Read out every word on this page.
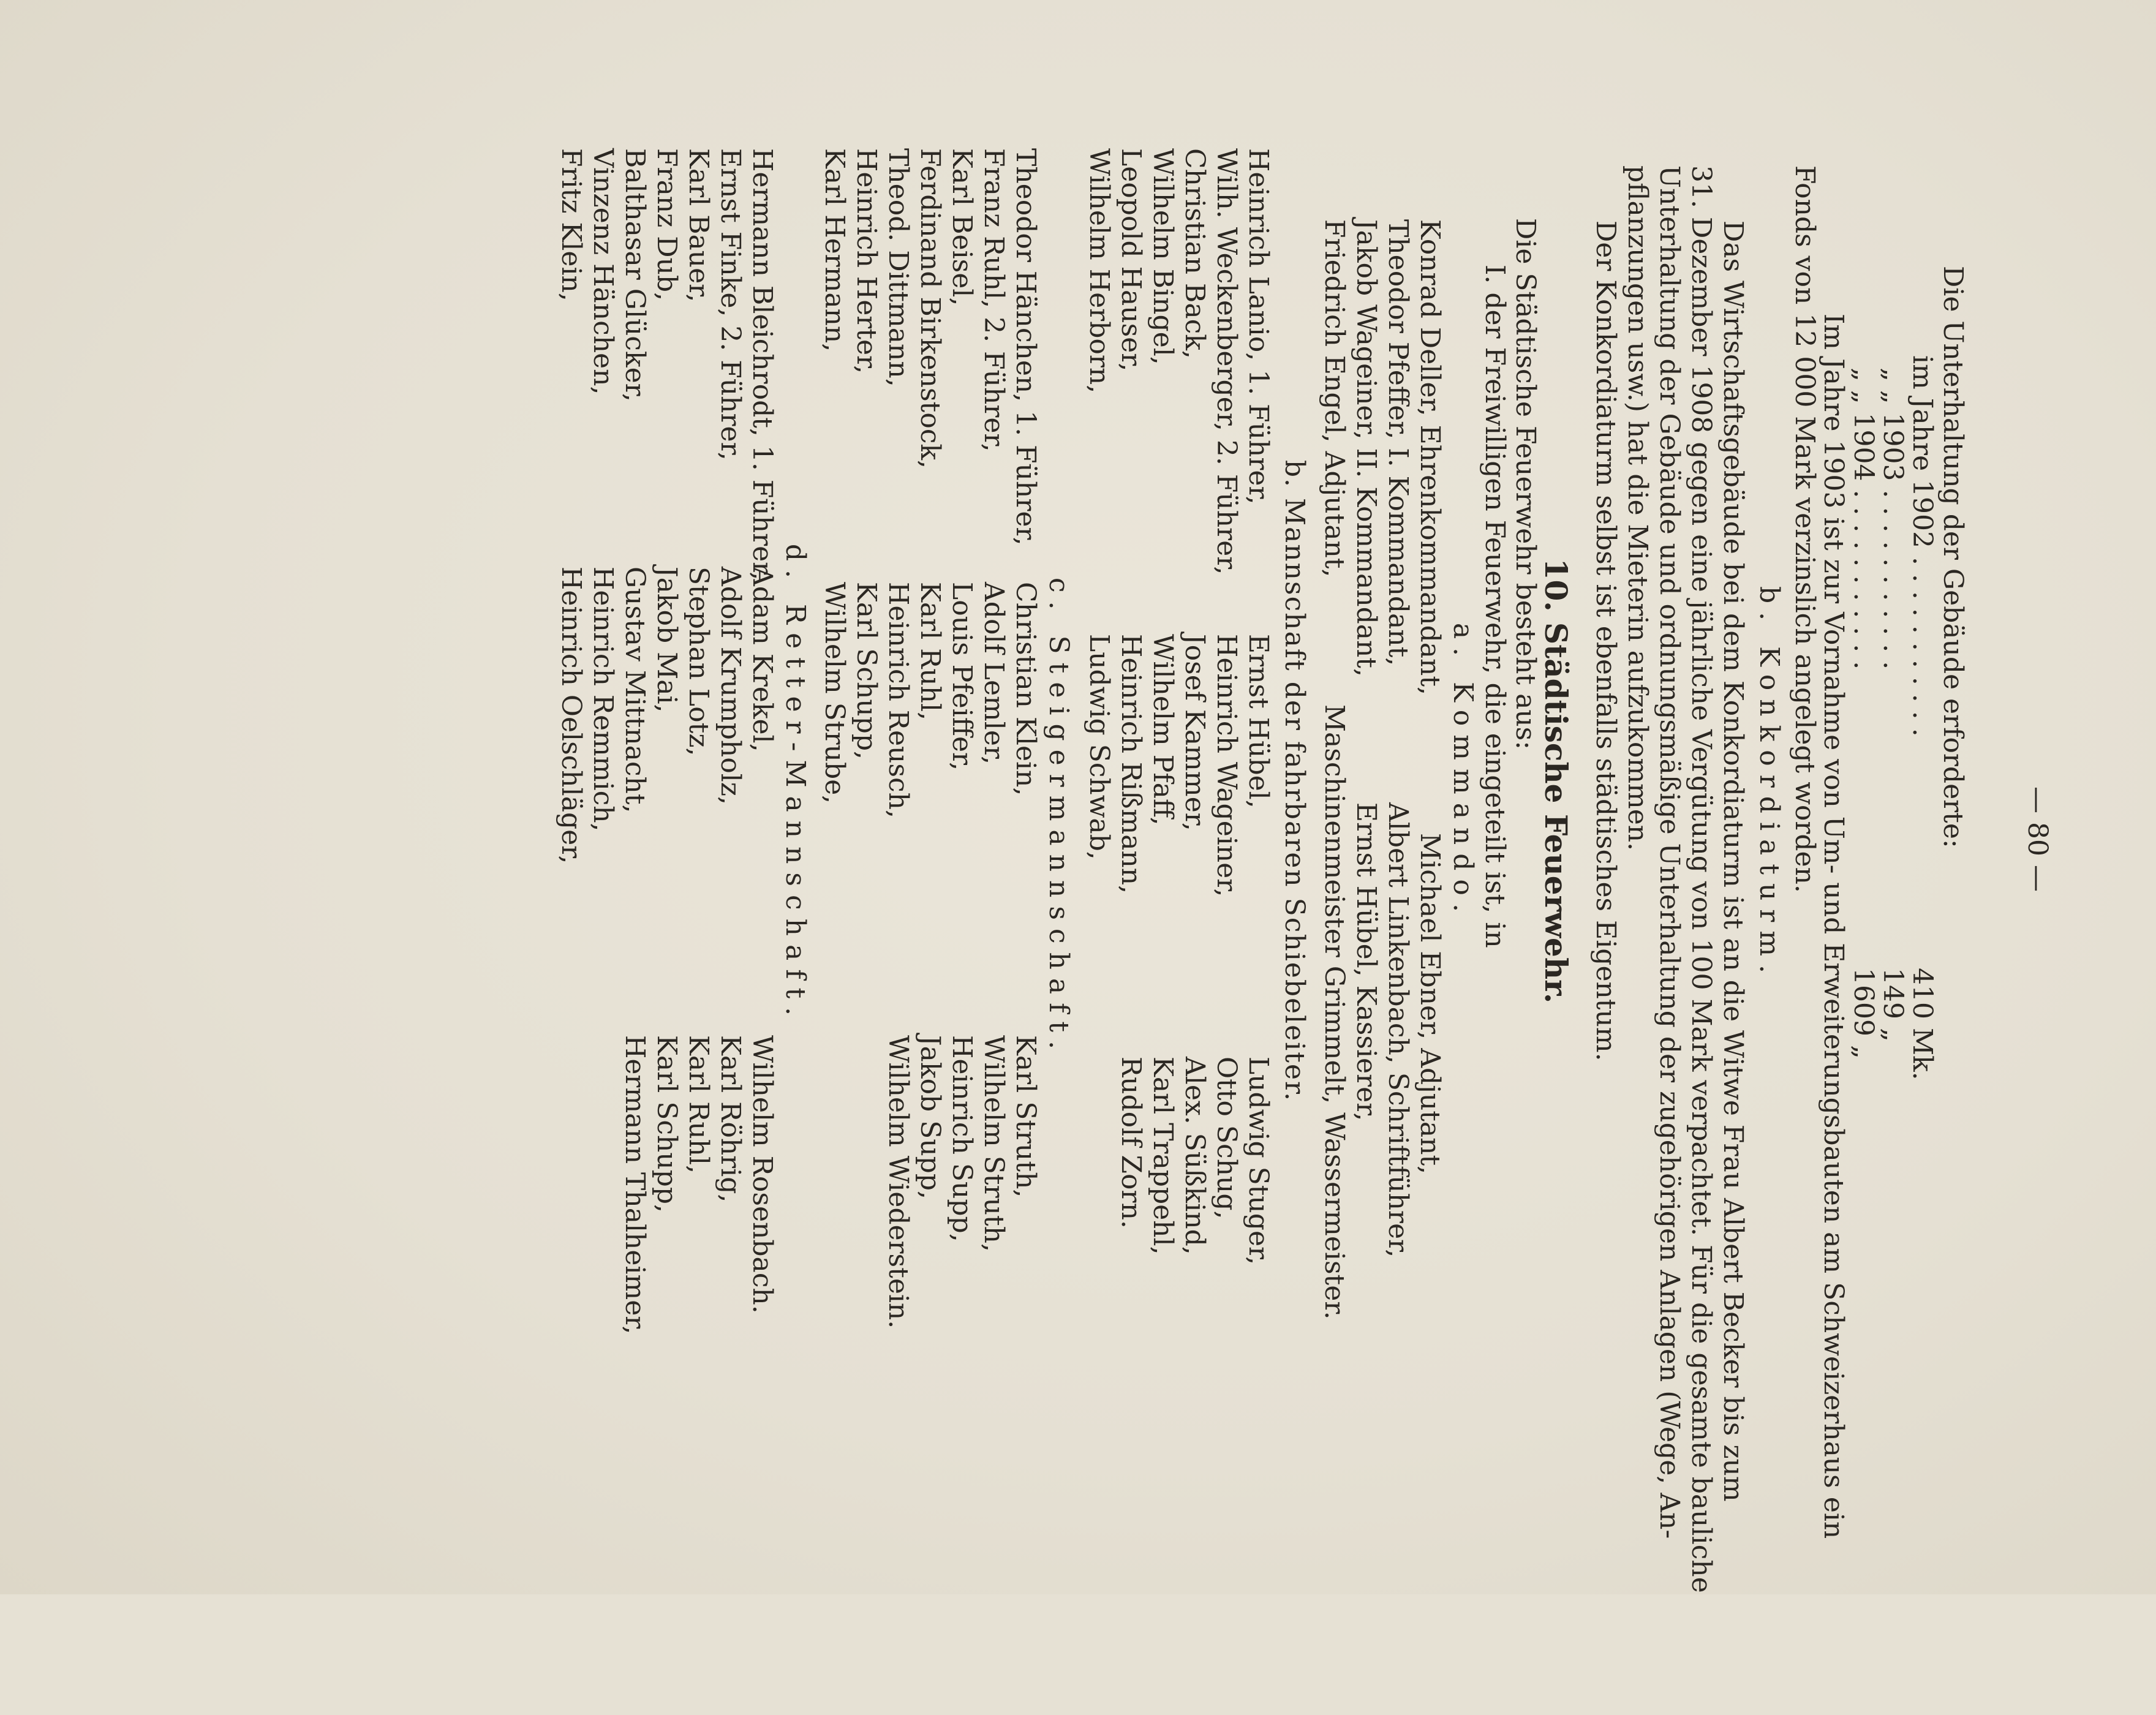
— 80 —
Die Unterhaltung der Gebäude erforderte:
im Jahre 1902 . . . . . . . . . . .
410 Mk.
„ „ 1903 . . . . . . . . . . .
149 „
„ „ 1904 . . . . . . . . . . .
1609 „
Im Jahre 1903 ist zur Vornahme von Um- und Erweiterungsbauten am Schweizerhaus ein
Fonds von 12 000 Mark verzinslich angelegt worden.
b. Konkordiaturm.
Das Wirtschaftsgebäude bei dem Konkordiaturm ist an die Witwe Frau Albert Becker bis zum
31. Dezember 1908 gegen eine jährliche Vergütung von 100 Mark verpachtet. Für die gesamte bauliche
Unterhaltung der Gebäude und ordnungsmäßige Unterhaltung der zugehörigen Anlagen (Wege, An-
pflanzungen usw.) hat die Mieterin aufzukommen.
Der Konkordiaturm selbst ist ebenfalls städtisches Eigentum.
10. Städtische Feuerwehr.
Die Städtische Feuerwehr besteht aus:
I. der Freiwilligen Feuerwehr, die eingeteilt ist, in
a. Kommando.
Konrad Deller, Ehrenkommandant,
Theodor Pfeffer, I. Kommandant,
Jakob Wageiner, II. Kommandant,
Friedrich Engel, Adjutant,
Michael Ebner, Adjutant,
Albert Linkenbach, Schriftführer,
Ernst Hübel, Kassierer,
Maschinenmeister Grimmelt, Wassermeister.
b. Mannschaft der fahrbaren Schiebeleiter.
Heinrich Lanio, 1. Führer,
Wilh. Weckenberger, 2. Führer,
Christian Back,
Wilhelm Bingel,
Leopold Hauser,
Wilhelm Herborn,
Ernst Hübel,
Heinrich Wageiner,
Josef Kammer,
Wilhelm Pfaff,
Heinrich Rißmann,
Ludwig Schwab,
Ludwig Stuger,
Otto Schug,
Alex. Süßkind,
Karl Trappehl,
Rudolf Zorn.
c. Steigermannschaft.
Theodor Hänchen, 1. Führer,
Franz Ruhl, 2. Führer,
Karl Beisel,
Ferdinand Birkenstock,
Theod. Dittmann,
Heinrich Herter,
Karl Hermann,
Christian Klein,
Adolf Lemler,
Louis Pfeiffer,
Karl Ruhl,
Heinrich Reusch,
Karl Schupp,
Wilhelm Strube,
Karl Struth,
Wilhelm Struth,
Heinrich Supp,
Jakob Supp,
Wilhelm Wiederstein.
d. Retter-Mannschaft.
Hermann Bleichrodt, 1. Führer,
Ernst Finke, 2. Führer,
Karl Bauer,
Franz Dub,
Balthasar Glücker,
Vinzenz Hänchen,
Fritz Klein,
Adam Krekel,
Adolf Krumpholz,
Stephan Lotz,
Jakob Mai,
Gustav Mittnacht,
Heinrich Remmich,
Heinrich Oelschläger,
Wilhelm Rosenbach.
Karl Röhrig,
Karl Ruhl,
Karl Schupp,
Hermann Thalheimer,
